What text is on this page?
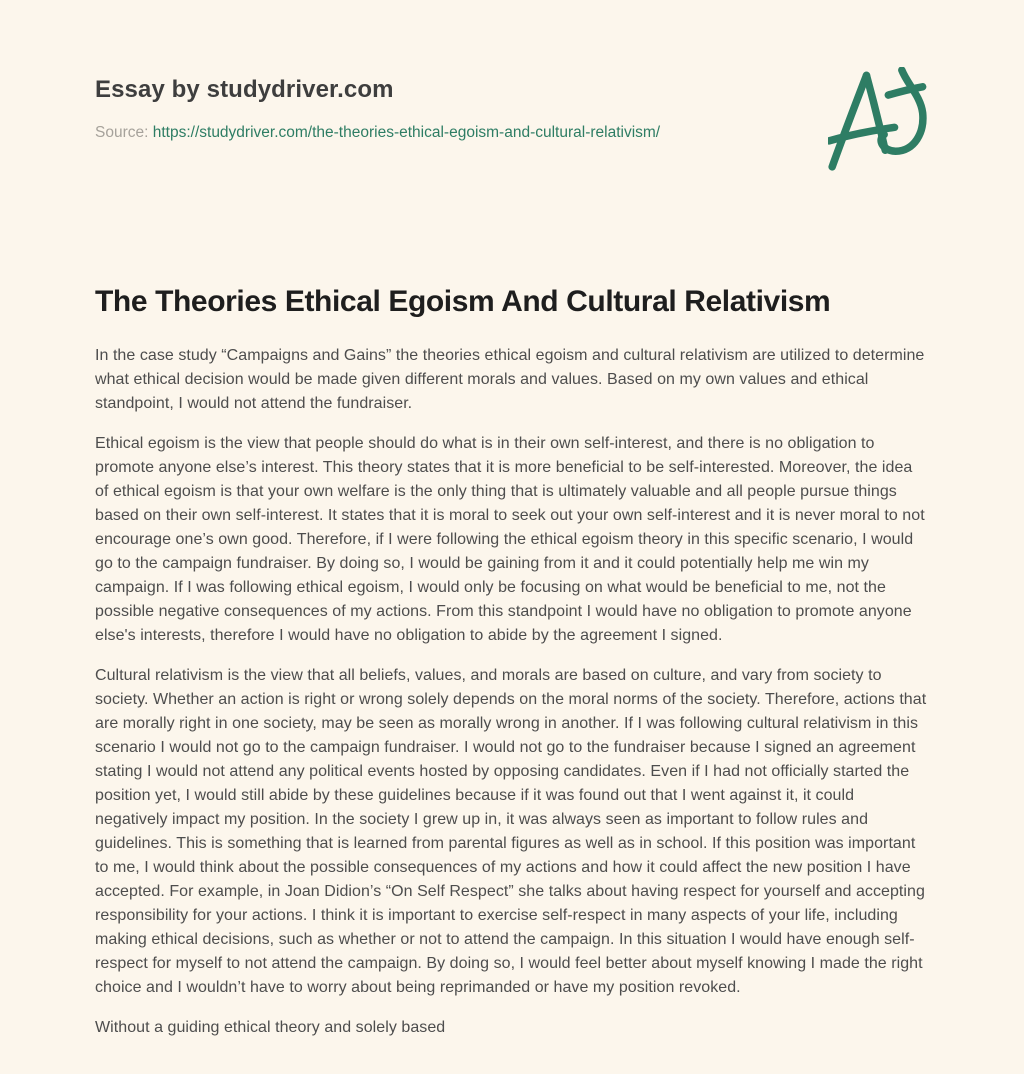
Essay by studydriver.com

Source: https://studydriver.com/the-theories-ethical-egoism-and-cultural-relativism/

The Theories Ethical Egoism And Cultural Relativism

In the case study “Campaigns and Gains” the theories ethical egoism and cultural relativism are utilized to determine what ethical decision would be made given different morals and values. Based on my own values and ethical standpoint, I would not attend the fundraiser.

Ethical egoism is the view that people should do what is in their own self-interest, and there is no obligation to promote anyone else’s interest. This theory states that it is more beneficial to be self-interested. Moreover, the idea of ethical egoism is that your own welfare is the only thing that is ultimately valuable and all people pursue things based on their own self-interest. It states that it is moral to seek out your own self-interest and it is never moral to not encourage one’s own good. Therefore, if I were following the ethical egoism theory in this specific scenario, I would go to the campaign fundraiser. By doing so, I would be gaining from it and it could potentially help me win my campaign. If I was following ethical egoism, I would only be focusing on what would be beneficial to me, not the possible negative consequences of my actions. From this standpoint I would have no obligation to promote anyone else's interests, therefore I would have no obligation to abide by the agreement I signed.

Cultural relativism is the view that all beliefs, values, and morals are based on culture, and vary from society to society. Whether an action is right or wrong solely depends on the moral norms of the society. Therefore, actions that are morally right in one society, may be seen as morally wrong in another. If I was following cultural relativism in this scenario I would not go to the campaign fundraiser. I would not go to the fundraiser because I signed an agreement stating I would not attend any political events hosted by opposing candidates. Even if I had not officially started the position yet, I would still abide by these guidelines because if it was found out that I went against it, it could negatively impact my position. In the society I grew up in, it was always seen as important to follow rules and guidelines. This is something that is learned from parental figures as well as in school. If this position was important to me, I would think about the possible consequences of my actions and how it could affect the new position I have accepted. For example, in Joan Didion’s “On Self Respect” she talks about having respect for yourself and accepting responsibility for your actions. I think it is important to exercise self-respect in many aspects of your life, including making ethical decisions, such as whether or not to attend the campaign. In this situation I would have enough self-respect for myself to not attend the campaign. By doing so, I would feel better about myself knowing I made the right choice and I wouldn’t have to worry about being reprimanded or have my position revoked.

Without a guiding ethical theory and solely based
